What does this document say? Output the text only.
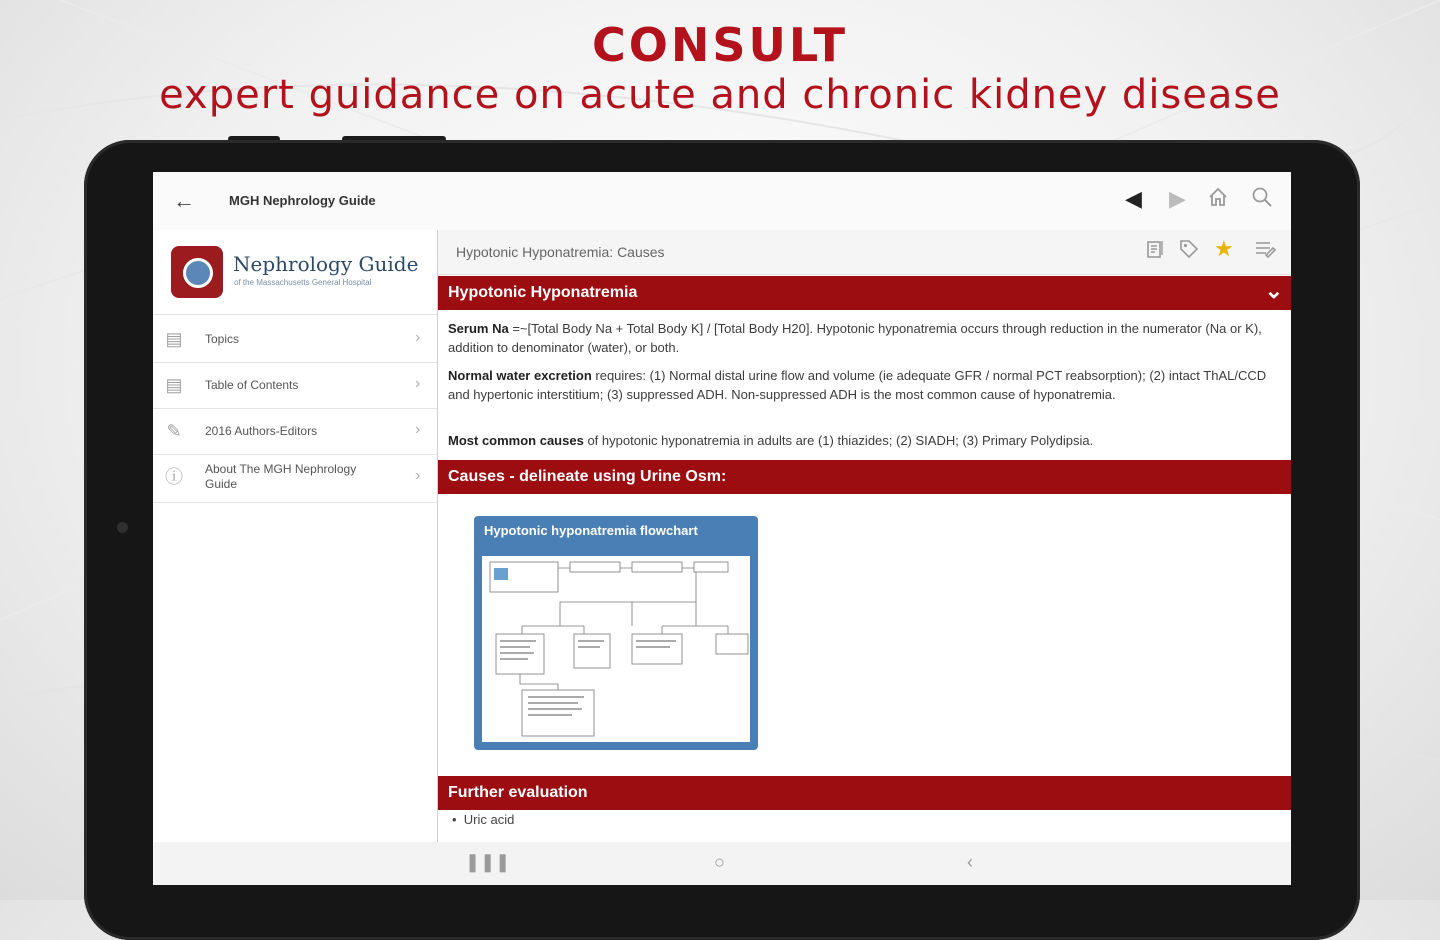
CONSULT
expert guidance on acute and chronic kidney disease
←	MGH Nephrology Guide	◀ ▶
Nephrology Guide
of the Massachusetts General Hospital
▤ Topics	›
▤ Table of Contents	›
✎ 2016 Authors-Editors	›
ⓘ About The MGH Nephrology Guide	›
Hypotonic Hyponatremia: Causes	★
Hypotonic Hyponatremia	⌄
Serum Na =~[Total Body Na + Total Body K] / [Total Body H20]. Hypotonic hyponatremia occurs through reduction in the numerator (Na or K), addition to denominator (water), or both.
Normal water excretion requires: (1) Normal distal urine flow and volume (ie adequate GFR / normal PCT reabsorption); (2) intact ThAL/CCD and hypertonic interstitium; (3) suppressed ADH. Non-suppressed ADH is the most common cause of hyponatremia.
Most common causes of hypotonic hyponatremia in adults are (1) thiazides; (2) SIADH; (3) Primary Polydipsia.
Causes - delineate using Urine Osm:
Hypotonic hyponatremia flowchart
Further evaluation
•  Uric acid
❚❚❚	○	‹
